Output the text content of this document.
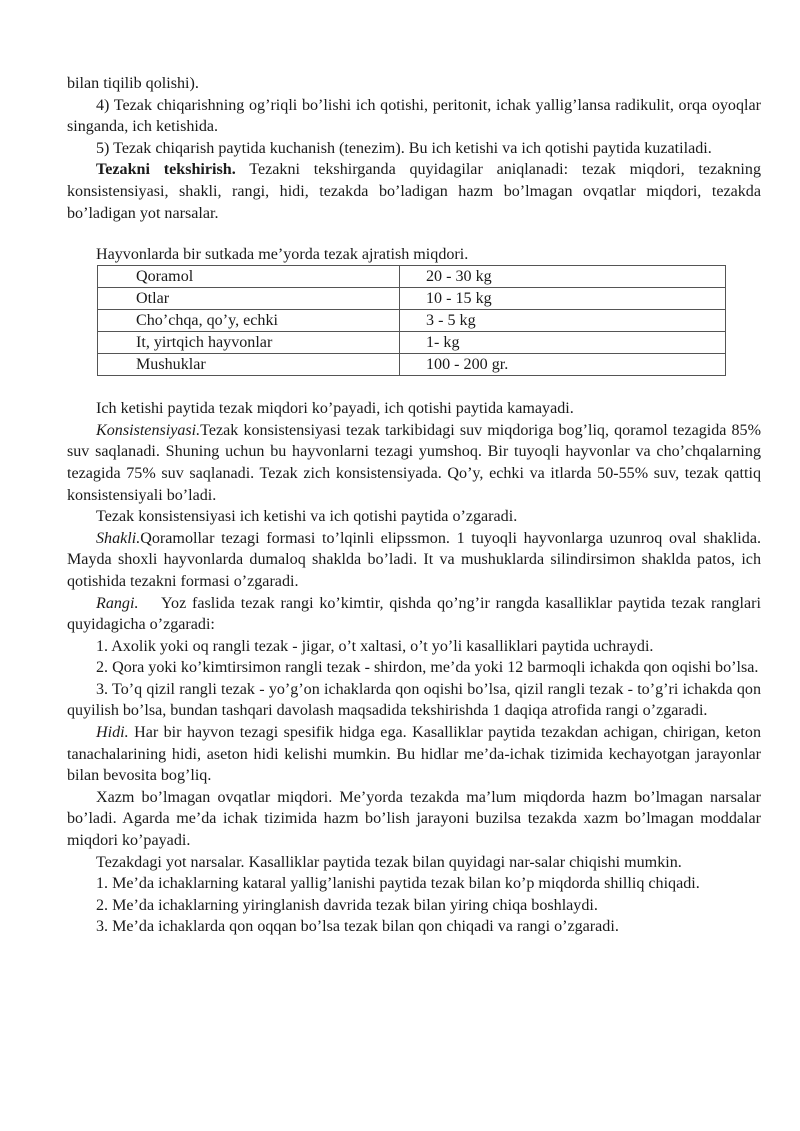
bilan tiqilib qolishi).

4) Tezak chiqarishning og’riqli bo’lishi ich qotishi, peritonit, ichak yallig’lansa radikulit, orqa oyoqlar singanda, ich ketishida.

5) Tezak chiqarish paytida kuchanish (tenezim). Bu ich ketishi va ich qotishi paytida kuzatiladi.

Tezakni tekshirish. Tezakni tekshirganda quyidagilar aniqlanadi: tezak miqdori, tezakning konsistensiyasi, shakli, rangi, hidi, tezakda bo’ladigan hazm bo’lmagan ovqatlar miqdori, tezakda bo’ladigan yot narsalar.

Hayvonlarda bir sutkada me’yorda tezak ajratish miqdori.
Qoramol	20 - 30 kg
Otlar	10 - 15 kg
Cho’chqa, qo’y, echki	3 - 5 kg
It, yirtqich hayvonlar	1- kg
Mushuklar	100 - 200 gr.

Ich ketishi paytida tezak miqdori ko’payadi, ich qotishi paytida kamayadi.

Konsistensiyasi.Tezak konsistensiyasi tezak tarkibidagi suv miqdoriga bog’liq, qoramol tezagida 85% suv saqlanadi. Shuning uchun bu hayvonlarni tezagi yumshoq. Bir tuyoqli hayvonlar va cho’chqalarning tezagida 75% suv saqlanadi. Tezak zich konsistensiyada. Qo’y, echki va itlarda 50-55% suv, tezak qattiq konsistensiyali bo’ladi.

Tezak konsistensiyasi ich ketishi va ich qotishi paytida o’zgaradi.

Shakli.Qoramollar tezagi formasi to’lqinli elipssmon. 1 tuyoqli hayvonlarga uzunroq oval shaklida. Mayda shoxli hayvonlarda dumaloq shaklda bo’ladi. It va mushuklarda silindirsimon shaklda patos, ich qotishida tezakni formasi o’zgaradi.

Rangi.    Yoz faslida tezak rangi ko’kimtir, qishda qo’ng’ir rangda kasalliklar paytida tezak ranglari quyidagicha o’zgaradi:

1. Axolik yoki oq rangli tezak - jigar, o’t xaltasi, o’t yo’li kasalliklari paytida uchraydi.

2. Qora yoki ko’kimtirsimon rangli tezak - shirdon, me’da yoki 12 barmoqli ichakda qon oqishi bo’lsa.

3. To’q qizil rangli tezak - yo’g’on ichaklarda qon oqishi bo’lsa, qizil rangli tezak - to’g’ri ichakda qon quyilish bo’lsa, bundan tashqari davolash maqsadida tekshirishda 1 daqiqa atrofida rangi o’zgaradi.

Hidi. Har bir hayvon tezagi spesifik hidga ega. Kasalliklar paytida tezakdan achigan, chirigan, keton tanachalarining hidi, aseton hidi kelishi mumkin. Bu hidlar me’da-ichak tizimida kechayotgan jarayonlar bilan bevosita bog’liq.

Xazm bo’lmagan ovqatlar miqdori. Me’yorda tezakda ma’lum miqdorda hazm bo’lmagan narsalar bo’ladi. Agarda me’da ichak tizimida hazm bo’lish jarayoni buzilsa tezakda xazm bo’lmagan moddalar miqdori ko’payadi.

Tezakdagi yot narsalar. Kasalliklar paytida tezak bilan quyidagi nar-salar chiqishi mumkin.

1. Me’da ichaklarning kataral yallig’lanishi paytida tezak bilan ko’p miqdorda shilliq chiqadi.

2. Me’da ichaklarning yiringlanish davrida tezak bilan yiring chiqa boshlaydi.

3. Me’da ichaklarda qon oqqan bo’lsa tezak bilan qon chiqadi va rangi o’zgaradi.
